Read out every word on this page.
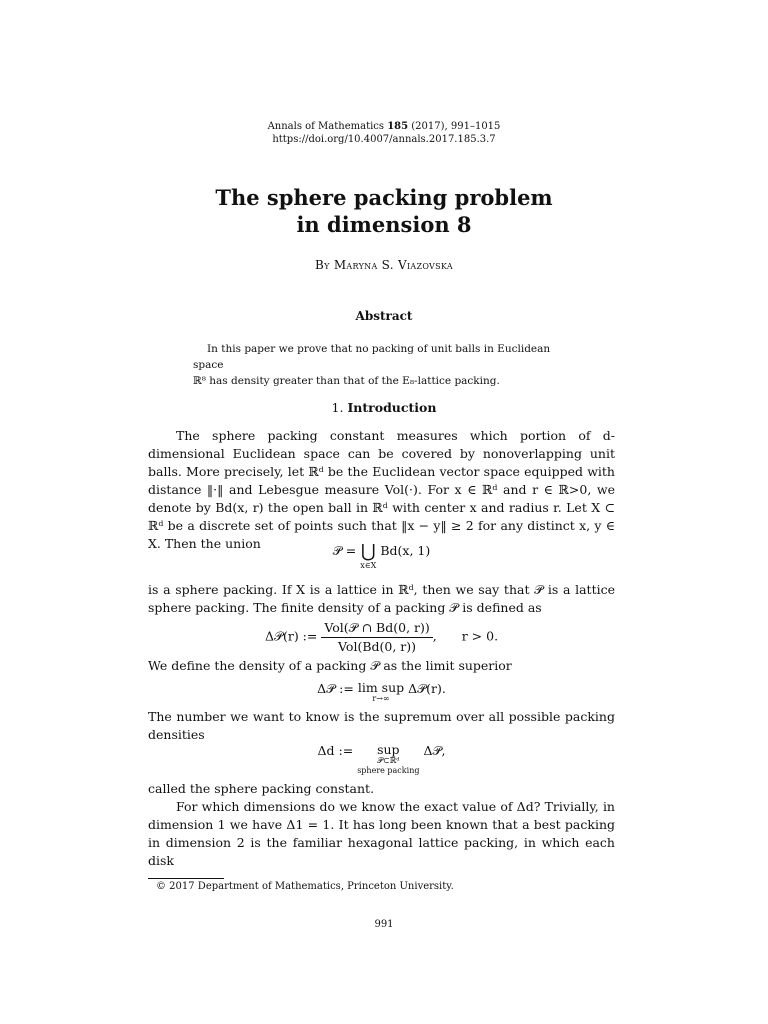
Annals of Mathematics 185 (2017), 991–1015
https://doi.org/10.4007/annals.2017.185.3.7
The sphere packing problem
in dimension 8
By Maryna S. Viazovska
Abstract
In this paper we prove that no packing of unit balls in Euclidean space
ℝ⁸ has density greater than that of the E₈-lattice packing.
1. Introduction

The sphere packing constant measures which portion of d-dimensional Euclidean space can be covered by nonoverlapping unit balls. More precisely, let ℝᵈ be the Euclidean vector space equipped with distance ‖·‖ and Lebesgue measure Vol(·). For x ∈ ℝᵈ and r ∈ ℝ>0, we denote by Bd(x, r) the open ball in ℝᵈ with center x and radius r. Let X ⊂ ℝᵈ be a discrete set of points such that ‖x − y‖ ≥ 2 for any distinct x, y ∈ X. Then the union	𝒫 = ⋃
x∈X
Bd(x, 1)

is a sphere packing. If X is a lattice in ℝᵈ, then we say that 𝒫 is a lattice sphere packing. The finite density of a packing 𝒫 is defined as

Δ𝒫(r) := $\frac{\text{Vol(𝒫 ∩ Bd(0, r))}}{\text{Vol(Bd(0, r))}}$ ,  r > 0.

We define the density of a packing 𝒫 as the limit superior

Δ𝒫 := lim sup
r→∞
Δ𝒫(r).

The number we want to know is the supremum over all possible packing densities

Δd :=	sup
𝒫⊂ℝᵈ
sphere packing
Δ𝒫,

called the sphere packing constant.

For which dimensions do we know the exact value of Δd? Trivially, in dimension 1 we have Δ1 = 1. It has long been known that a best packing in dimension 2 is the familiar hexagonal lattice packing, in which each disk

© 2017 Department of Mathematics, Princeton University.
991
